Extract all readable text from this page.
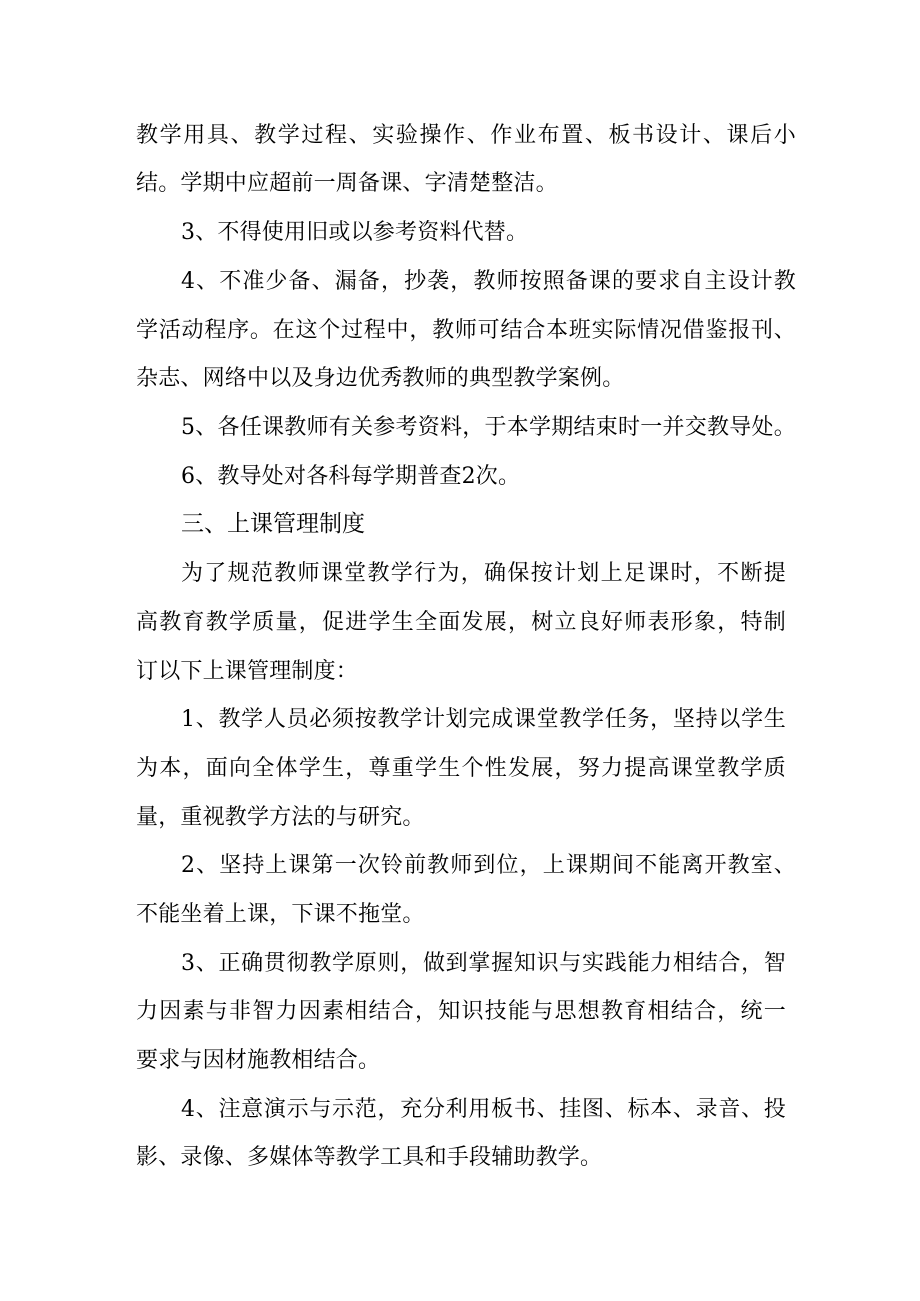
教学用具、教学过程、实验操作、作业布置、板书设计、课后小
结。学期中应超前一周备课、字清楚整洁。
3、不得使用旧或以参考资料代替。
4、不准少备、漏备，抄袭，教师按照备课的要求自主设计教
学活动程序。在这个过程中，教师可结合本班实际情况借鉴报刊、
杂志、网络中以及身边优秀教师的典型教学案例。
5、各任课教师有关参考资料，于本学期结束时一并交教导处。
6、教导处对各科每学期普查2次。
三、上课管理制度
为了规范教师课堂教学行为，确保按计划上足课时，不断提
高教育教学质量，促进学生全面发展，树立良好师表形象，特制
订以下上课管理制度：
1、教学人员必须按教学计划完成课堂教学任务，坚持以学生
为本，面向全体学生，尊重学生个性发展，努力提高课堂教学质
量，重视教学方法的与研究。
2、坚持上课第一次铃前教师到位，上课期间不能离开教室、
不能坐着上课，下课不拖堂。
3、正确贯彻教学原则，做到掌握知识与实践能力相结合，智
力因素与非智力因素相结合，知识技能与思想教育相结合，统一
要求与因材施教相结合。
4、注意演示与示范，充分利用板书、挂图、标本、录音、投
影、录像、多媒体等教学工具和手段辅助教学。
